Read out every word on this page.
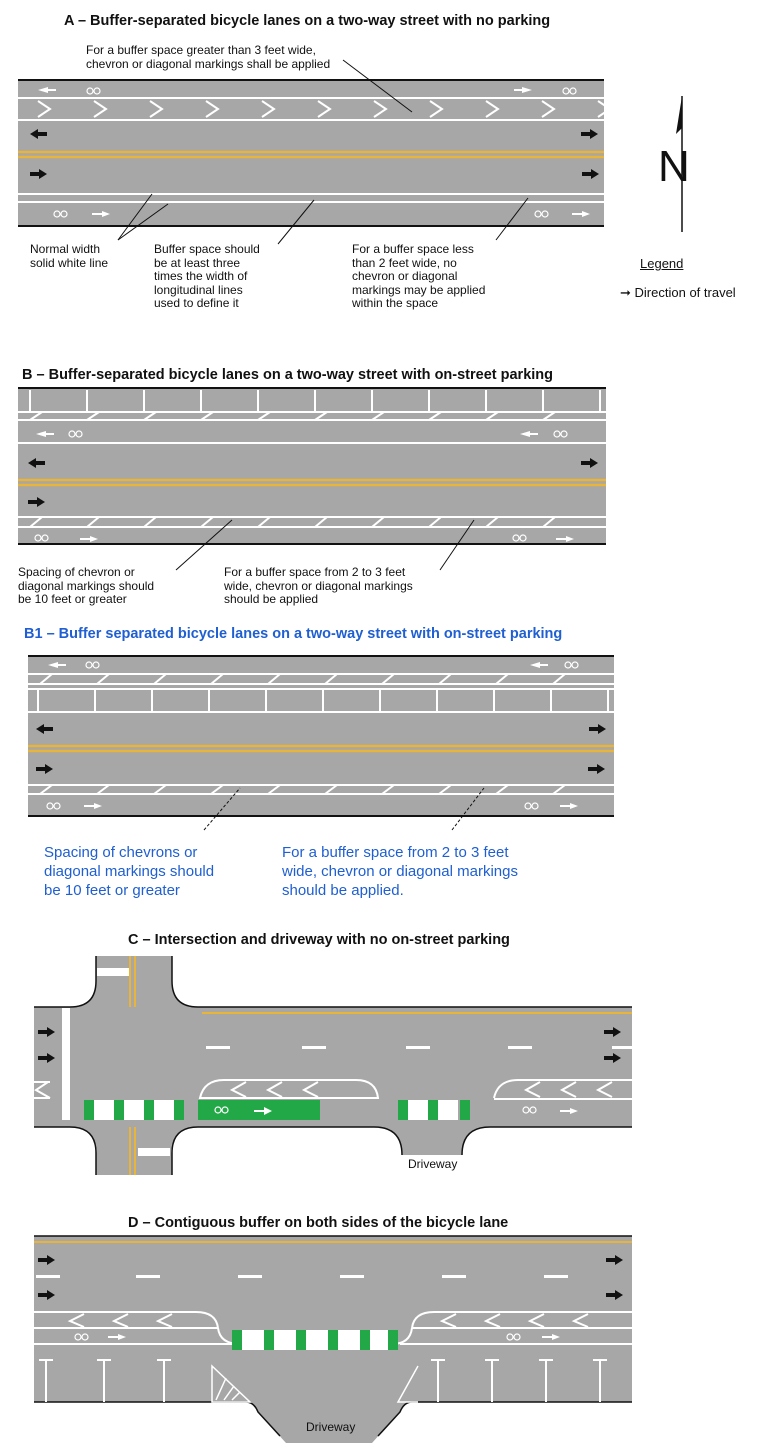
A – Buffer-separated bicycle lanes on a two-way street with no parking
For a buffer space greater than 3 feet wide,
chevron or diagonal markings shall be applied
N
Normal width
solid white line
Buffer space should
be at least three
times the width of
longitudinal lines
used to define it
For a buffer space less
than 2 feet wide, no
chevron or diagonal
markings may be applied
within the space
Legend
➞ Direction of travel
B – Buffer-separated bicycle lanes on a two-way street with on-street parking
Spacing of chevron or
diagonal markings should
be 10 feet or greater
For a buffer space from 2 to 3 feet
wide, chevron or diagonal markings
should be applied
B1 – Buffer separated bicycle lanes on a two-way street with on-street parking
Spacing of chevrons or
diagonal markings should
be 10 feet or greater
For a buffer space from 2 to 3 feet
wide, chevron or diagonal markings
should be applied.
C – Intersection and driveway with no on-street parking
Driveway
D – Contiguous buffer on both sides of the bicycle lane
Driveway
